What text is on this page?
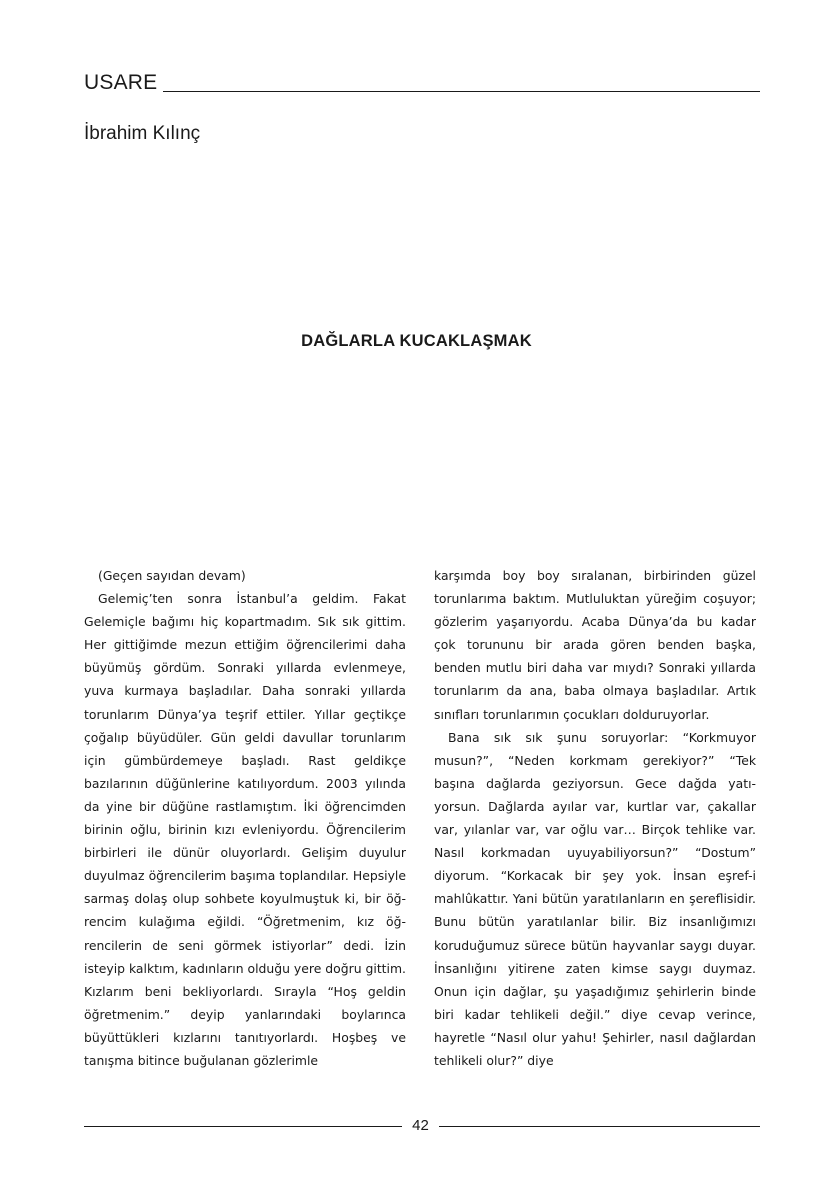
USARE
İbrahim Kılınç
DAĞLARLA KUCAKLAŞMAK

(Geçen sayıdan devam)

Gelemiç’ten sonra İstanbul’a geldim. Fakat Gelemiçle bağımı hiç kopartmadım. Sık sık gittim. Her gittiğimde mezun ettiğim öğrencilerimi daha büyümüş gördüm. Sonraki yıllarda evlenmeye, yuva kurmaya başladılar. Daha sonraki yıllarda torunlarım Dünya’ya teşrif ettiler. Yıllar geçtikçe çoğalıp büyüdüler. Gün geldi davullar torunlarım için gümbürdemeye başladı. Rast geldikçe bazılarının düğünlerine katılıyordum. 2003 yılında da yine bir düğüne rastlamıştım. İki öğrencimden birinin oğlu, birinin kızı evleniyordu. Öğrencilerim birbirleri ile dünür oluyorlardı. Gelişim duyulur duyulmaz öğrencilerim başıma toplandılar. Hepsiyle sarmaş dolaş olup sohbete koyulmuştuk ki, bir öğrencim kulağıma eğildi. “Öğretmenim, kız öğrencilerin de seni görmek istiyorlar” dedi. İzin isteyip kalktım, kadınların olduğu yere doğru gittim. Kızlarım beni bekliyorlardı. Sırayla “Hoş geldin öğretmenim.” deyip yanlarındaki boylarınca büyüttükleri kızlarını tanıtıyorlardı. Hoşbeş ve tanışma bitince buğulanan gözlerimle

karşımda boy boy sıralanan, birbirinden güzel torunlarıma baktım. Mutluluktan yüreğim coşuyor; gözlerim yaşarıyordu. Acaba Dünya’da bu kadar çok torununu bir arada gören benden başka, benden mutlu biri daha var mıydı? Sonraki yıllarda torunlarım da ana, baba olmaya başladılar. Artık sınıfları torunlarımın çocukları dolduruyorlar.

Bana sık sık şunu soruyorlar: “Korkmuyor musun?”, “Neden korkmam gerekiyor?” “Tek başına dağlarda geziyorsun. Gece dağda yatıyorsun. Dağlarda ayılar var, kurtlar var, çakallar var, yılanlar var, var oğlu var… Birçok tehlike var. Nasıl korkmadan uyuyabiliyorsun?” “Dostum” diyorum. “Korkacak bir şey yok. İnsan eşref-i mahlûkattır. Yani bütün yaratılanların en şereflisidir. Bunu bütün yaratılanlar bilir. Biz insanlığımızı koruduğumuz sürece bütün hayvanlar saygı duyar. İnsanlığını yitirene zaten kimse saygı duymaz. Onun için dağlar, şu yaşadığımız şehirlerin binde biri kadar tehlikeli değil.” diye cevap verince, hayretle “Nasıl olur yahu! Şehirler, nasıl dağlardan tehlikeli olur?” diye

42
